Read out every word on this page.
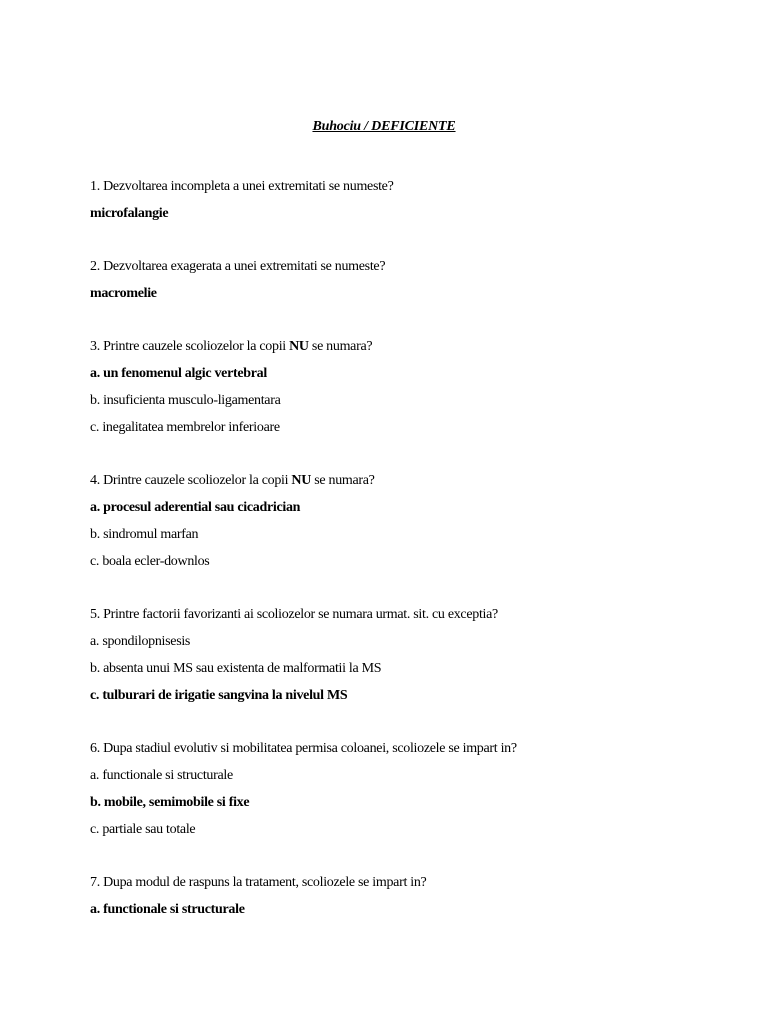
Buhociu / DEFICIENTE
1. Dezvoltarea incompleta a unei extremitati se numeste?
microfalangie
2. Dezvoltarea exagerata a unei extremitati se numeste?
macromelie
3. Printre cauzele scoliozelor la copii NU se numara?
a. un fenomenul algic vertebral
b. insuficienta musculo-ligamentara
c. inegalitatea membrelor inferioare
4. Drintre cauzele scoliozelor la copii NU se numara?
a. procesul aderential sau cicadrician
b. sindromul marfan
c. boala ecler-downlos
5. Printre factorii favorizanti ai scoliozelor se numara urmat. sit. cu exceptia?
a. spondilopnisesis
b. absenta unui MS sau existenta de malformatii la MS
c. tulburari de irigatie sangvina la nivelul MS
6. Dupa stadiul evolutiv si mobilitatea permisa coloanei, scoliozele se impart in?
a. functionale si structurale
b. mobile, semimobile si fixe
c. partiale sau totale
7. Dupa modul de raspuns la tratament, scoliozele se impart in?
a. functionale si structurale
